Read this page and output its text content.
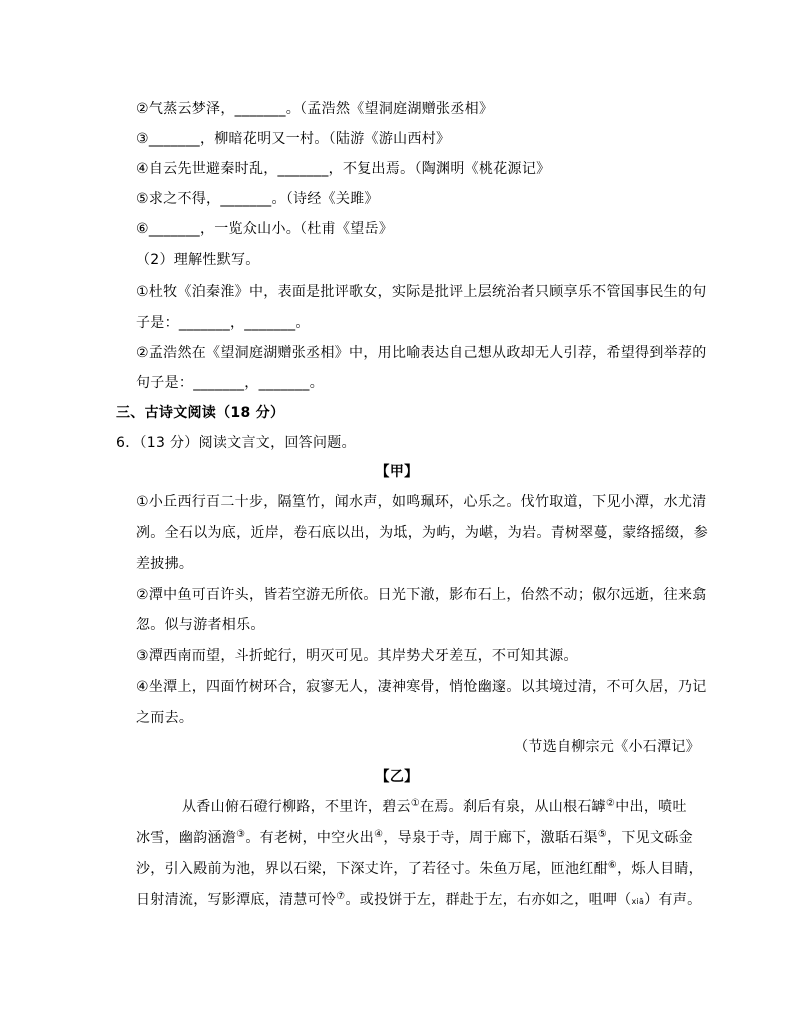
②气蒸云梦泽，_______。（孟浩然《望洞庭湖赠张丞相》
③_______，柳暗花明又一村。（陆游《游山西村》
④自云先世避秦时乱，_______，不复出焉。（陶渊明《桃花源记》
⑤求之不得，_______。（诗经《关雎》
⑥_______，一览众山小。（杜甫《望岳》
（2）理解性默写。
①杜牧《泊秦淮》中，表面是批评歌女，实际是批评上层统治者只顾享乐不管国事民生的句
子是：_______，_______。
②孟浩然在《望洞庭湖赠张丞相》中，用比喻表达自己想从政却无人引荐，希望得到举荐的
句子是：_______，_______。
三、古诗文阅读（18 分）
6．（13 分）阅读文言文，回答问题。
【甲】
①小丘西行百二十步，隔篁竹，闻水声，如鸣珮环，心乐之。伐竹取道，下见小潭，水尤清
冽。全石以为底，近岸，卷石底以出，为坻，为屿，为嵁，为岩。青树翠蔓，蒙络摇缀，参
差披拂。
②潭中鱼可百许头，皆若空游无所依。日光下澈，影布石上，佁然不动；俶尔远逝，往来翕
忽。似与游者相乐。
③潭西南而望，斗折蛇行，明灭可见。其岸势犬牙差互，不可知其源。
④坐潭上，四面竹树环合，寂寥无人，凄神寒骨，悄怆幽邃。以其境过清，不可久居，乃记
之而去。
（节选自柳宗元《小石潭记》
【乙】
从香山俯石磴行柳路，不里许，碧云①在焉。刹后有泉，从山根石罅②中出，喷吐
冰雪，幽韵涵澹③。有老树，中空火出④，导泉于寺，周于廊下，激聒石渠⑤，下见文砾金
沙，引入殿前为池，界以石梁，下深丈许，了若径寸。朱鱼万尾，匝池红酣⑥，烁人目睛，
日射清流，写影潭底，清慧可怜⑦。或投饼于左，群赴于左，右亦如之，咀呷（xiā）有声。
